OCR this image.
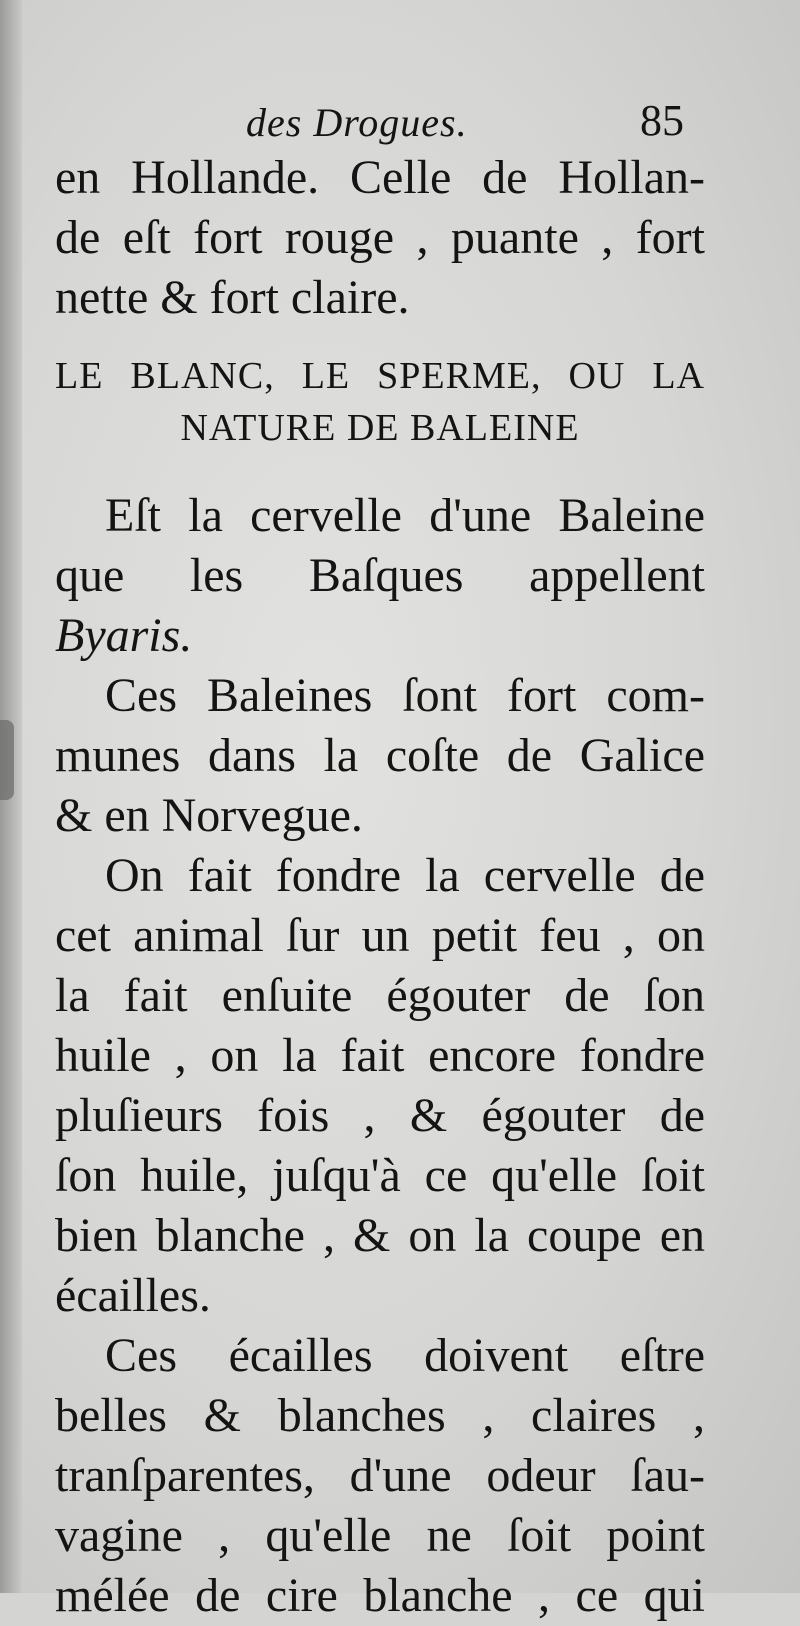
des Drogues.	85
en Hollande. Celle de Hollan-
de eſt fort rouge , puante , fort
nette & fort claire.
LE BLANC, LE SPERME, OU LA
NATURE DE BALEINE
Eſt la cervelle d'une Baleine
que les Baſques appellent
Byaris.
Ces Baleines ſont fort com-
munes dans la coſte de Galice
& en Norvegue.
On fait fondre la cervelle de
cet animal ſur un petit feu , on
la fait enſuite égouter de ſon
huile , on la fait encore fondre
pluſieurs fois , & égouter de
ſon huile, juſqu'à ce qu'elle ſoit
bien blanche , & on la coupe en
écailles.
Ces écailles doivent eſtre
belles & blanches , claires ,
tranſparentes, d'une odeur ſau-
vagine , qu'elle ne ſoit point
mélée de cire blanche , ce qui
